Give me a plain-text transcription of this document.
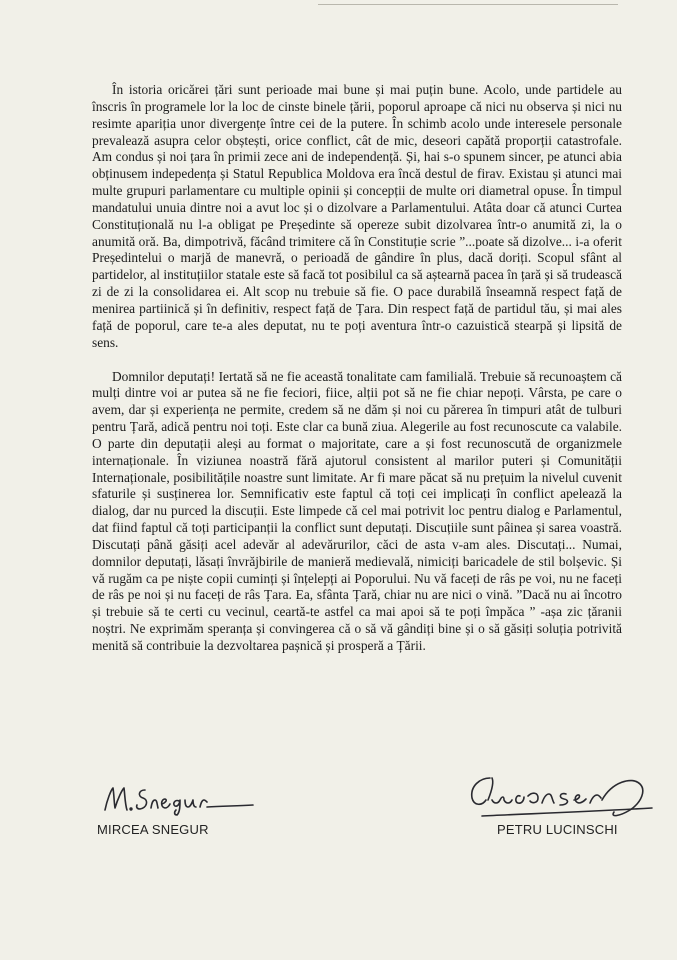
În istoria oricărei țări sunt perioade mai bune și mai puțin bune. Acolo, unde partidele au înscris în programele lor la loc de cinste binele țării, poporul aproape că nici nu observa și nici nu resimte apariția unor divergențe între cei de la putere. În schimb acolo unde interesele personale prevalează asupra celor obștești, orice conflict, cât de mic, deseori capătă proporții catastrofale. Am condus și noi țara în primii zece ani de independență. Și, hai s-o spunem sincer, pe atunci abia obținusem indepedența și Statul Republica Moldova era încă destul de firav. Existau și atunci mai multe grupuri parlamentare cu multiple opinii și concepții de multe ori diametral opuse. În timpul mandatului unuia dintre noi a avut loc și o dizolvare a Parlamentului. Atâta doar că atunci Curtea Constituțională nu l-a obligat pe Președinte să opereze subit dizolvarea într-o anumită zi, la o anumită oră. Ba, dimpotrivă, făcând trimitere că în Constituție scrie ”...poate să dizolve... i-a oferit Președintelui o marjă de manevră, o perioadă de gândire în plus, dacă doriți. Scopul sfânt al partidelor, al instituțiilor statale este să facă tot posibilul ca să aștearnă pacea în țară și să trudească zi de zi la consolidarea ei. Alt scop nu trebuie să fie. O pace durabilă înseamnă respect față de menirea partiinică și în definitiv, respect față de Țara. Din respect față de partidul tău, și mai ales față de poporul, care te-a ales deputat, nu te poți aventura într-o cazuistică stearpă și lipsită de sens.

Domnilor deputați! Iertată să ne fie această tonalitate cam familială. Trebuie să recunoaștem că mulți dintre voi ar putea să ne fie feciori, fiice, alții pot să ne fie chiar nepoți. Vârsta, pe care o avem, dar și experiența ne permite, credem să ne dăm și noi cu părerea în timpuri atât de tulburi pentru Țară, adică pentru noi toți. Este clar ca bună ziua. Alegerile au fost recunoscute ca valabile. O parte din deputații aleși au format o majoritate, care a și fost recunoscută de organizmele internaționale. În viziunea noastră fără ajutorul consistent al marilor puteri și Comunității Internaționale, posibilitățile noastre sunt limitate. Ar fi mare păcat să nu prețuim la nivelul cuvenit sfaturile și susținerea lor. Semnificativ este faptul că toți cei implicați în conflict apelează la dialog, dar nu purced la discuții. Este limpede că cel mai potrivit loc pentru dialog e Parlamentul, dat fiind faptul că toți participanții la conflict sunt deputați. Discuțiile sunt pâinea și sarea voastră. Discutați până găsiți acel adevăr al adevărurilor, căci de asta v-am ales. Discutați... Numai, domnilor deputați, lăsați învrăjbirile de manieră medievală, nimiciți baricadele de stil bolșevic. Și vă rugăm ca pe niște copii cuminți și înțelepți ai Poporului. Nu vă faceți de râs pe voi, nu ne faceți de râs pe noi și nu faceți de râs Țara. Ea, sfânta Țară, chiar nu are nici o vină. ”Dacă nu ai încotro și trebuie să te certi cu vecinul, ceartă-te astfel ca mai apoi să te poți împăca ” -așa zic țăranii noștri. Ne exprimăm speranța și convingerea că o să vă gândiți bine și o să găsiți soluția potrivită menită să contribuie la dezvoltarea pașnică și prosperă a Țării.

MIRCEA SNEGUR	PETRU LUCINSCHI
